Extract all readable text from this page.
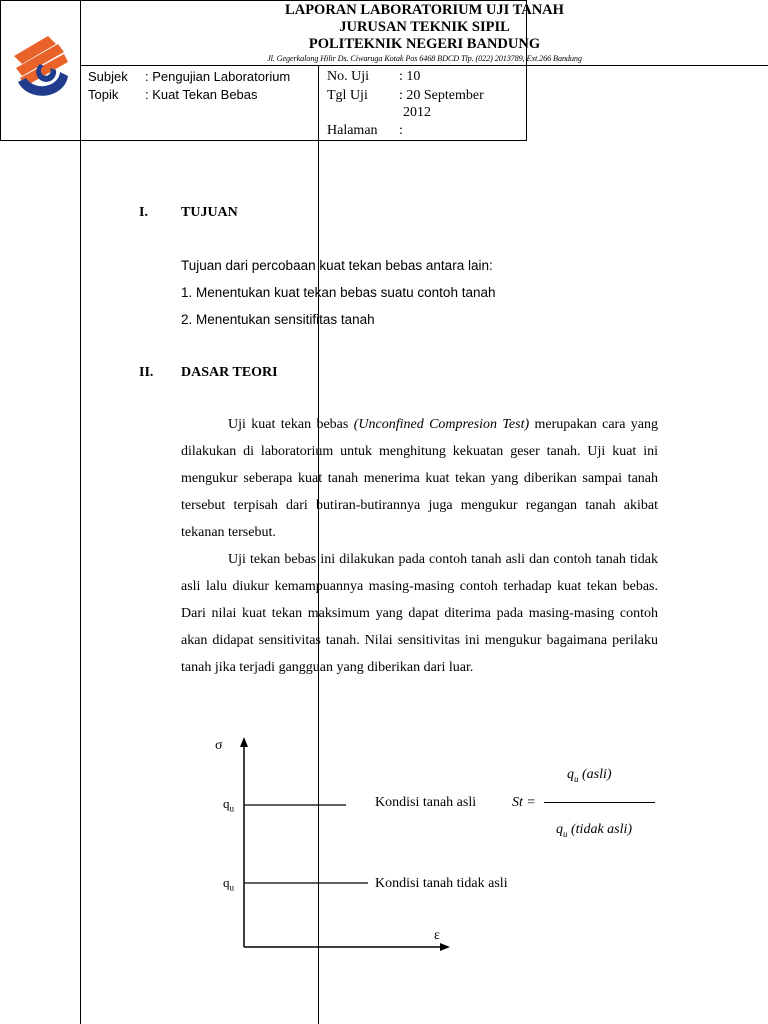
LAPORAN LABORATORIUM UJI TANAH
JURUSAN TEKNIK SIPIL
POLITEKNIK NEGERI BANDUNG
Jl. Gegerkalong Hilir Ds. Ciwaruga Kotak Pos 6468 BDCD Tlp. (022) 2013789, Ext.266 Bandung
Subjek : Pengujian Laboratorium
Topik : Kuat Tekan Bebas
No. Uji : 10
Tgl Uji : 20 September
2012
Halaman :
I. TUJUAN
Tujuan dari percobaan kuat tekan bebas antara lain:
1. Menentukan kuat tekan bebas suatu contoh tanah
2. Menentukan sensitifitas tanah
II. DASAR TEORI
Uji kuat tekan bebas (Unconfined Compresion Test) merupakan cara yang dilakukan di laboratorium untuk menghitung kekuatan geser tanah. Uji kuat ini mengukur seberapa kuat tanah menerima kuat tekan yang diberikan sampai tanah tersebut terpisah dari butiran-butirannya juga mengukur regangan tanah akibat tekanan tersebut.
Uji tekan bebas ini dilakukan pada contoh tanah asli dan contoh tanah tidak asli lalu diukur kemampuannya masing-masing contoh terhadap kuat tekan bebas. Dari nilai kuat tekan maksimum yang dapat diterima pada masing-masing contoh akan didapat sensitivitas tanah. Nilai sensitivitas ini mengukur bagaimana perilaku tanah jika terjadi gangguan yang diberikan dari luar.
σ
ε
$q_u$
$q_u$
Kondisi tanah asli
Kondisi tanah tidak asli
St =
$q_u$ (asli)
$q_u$ (tidak asli)
